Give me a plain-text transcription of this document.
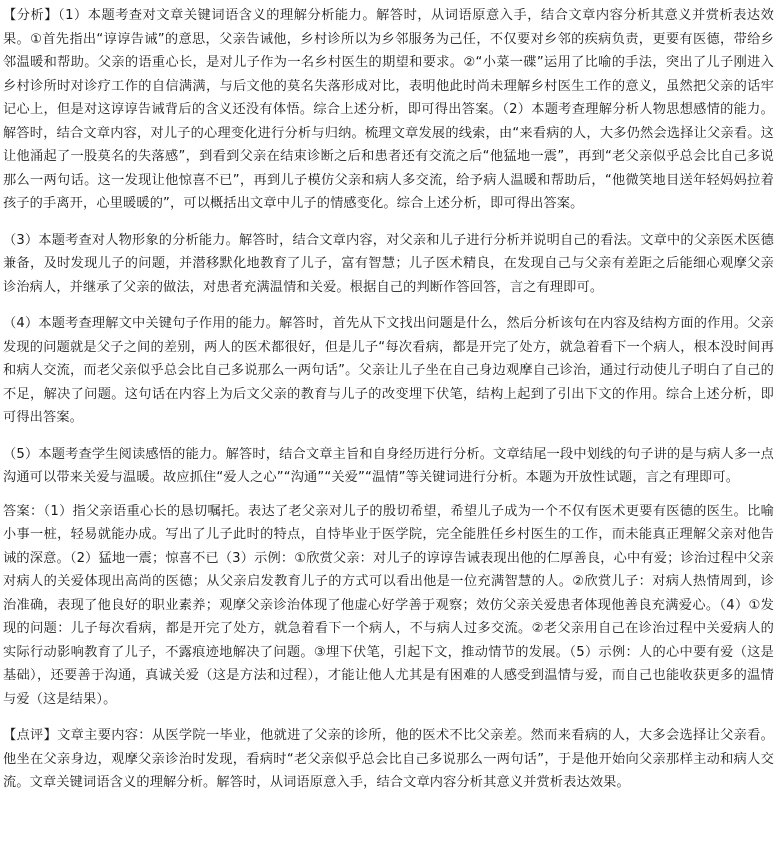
【分析】（1）本题考查对文章关键词语含义的理解分析能力。解答时，从词语原意入手，结合文章内容分析其意义并赏析表达效果。①首先指出“谆谆告诫”的意思，父亲告诫他，乡村诊所以为乡邻服务为己任，不仅要对乡邻的疾病负责，更要有医德，带给乡邻温暖和帮助。父亲的语重心长，是对儿子作为一名乡村医生的期望和要求。②“小菜一碟”运用了比喻的手法，突出了儿子刚进入乡村诊所时对诊疗工作的自信满满，与后文他的莫名失落形成对比，表明他此时尚未理解乡村医生工作的意义，虽然把父亲的话牢记心上，但是对这谆谆告诫背后的含义还没有体悟。综合上述分析，即可得出答案。（2）本题考查理解分析人物思想感情的能力。解答时，结合文章内容，对儿子的心理变化进行分析与归纳。梳理文章发展的线索，由“来看病的人，大多仍然会选择让父亲看。这让他涌起了一股莫名的失落感”，到看到父亲在结束诊断之后和患者还有交流之后“他猛地一震”，再到“老父亲似乎总会比自己多说那么一两句话。这一发现让他惊喜不已”，再到儿子模仿父亲和病人多交流，给予病人温暖和帮助后，“他微笑地目送年轻妈妈拉着孩子的手离开，心里暖暖的”，可以概括出文章中儿子的情感变化。综合上述分析，即可得出答案。

（3）本题考查对人物形象的分析能力。解答时，结合文章内容，对父亲和儿子进行分析并说明自己的看法。文章中的父亲医术医德兼备，及时发现儿子的问题，并潜移默化地教育了儿子，富有智慧；儿子医术精良，在发现自己与父亲有差距之后能细心观摩父亲诊治病人，并继承了父亲的做法，对患者充满温情和关爱。根据自己的判断作答回答，言之有理即可。

（4）本题考查理解文中关键句子作用的能力。解答时，首先从下文找出问题是什么，然后分析该句在内容及结构方面的作用。父亲发现的问题就是父子之间的差别，两人的医术都很好，但是儿子“每次看病，都是开完了处方，就急着看下一个病人，根本没时间再和病人交流，而老父亲似乎总会比自己多说那么一两句话”。父亲让儿子坐在自己身边观摩自己诊治，通过行动使儿子明白了自己的不足，解决了问题。这句话在内容上为后文父亲的教育与儿子的改变埋下伏笔，结构上起到了引出下文的作用。综合上述分析，即可得出答案。

（5）本题考查学生阅读感悟的能力。解答时，结合文章主旨和自身经历进行分析。文章结尾一段中划线的句子讲的是与病人多一点沟通可以带来关爱与温暖。故应抓住“爱人之心”“沟通”“关爱”“温情”等关键词进行分析。本题为开放性试题，言之有理即可。

答案：（1）指父亲语重心长的恳切嘱托。表达了老父亲对儿子的殷切希望，希望儿子成为一个不仅有医术更要有医德的医生。比喻小事一桩，轻易就能办成。写出了儿子此时的特点，自恃毕业于医学院，完全能胜任乡村医生的工作，而未能真正理解父亲对他告诫的深意。（2）猛地一震；惊喜不已（3）示例：①欣赏父亲：对儿子的谆谆告诫表现出他的仁厚善良，心中有爱；诊治过程中父亲对病人的关爱体现出高尚的医德；从父亲启发教育儿子的方式可以看出他是一位充满智慧的人。②欣赏儿子：对病人热情周到，诊治准确，表现了他良好的职业素养；观摩父亲诊治体现了他虚心好学善于观察；效仿父亲关爱患者体现他善良充满爱心。（4）①发现的问题：儿子每次看病，都是开完了处方，就急着看下一个病人，不与病人过多交流。②老父亲用自己在诊治过程中关爱病人的实际行动影响教育了儿子，不露痕迹地解决了问题。③埋下伏笔，引起下文，推动情节的发展。（5）示例：人的心中要有爱（这是基础），还要善于沟通，真诚关爱（这是方法和过程），才能让他人尤其是有困难的人感受到温情与爱，而自己也能收获更多的温情与爱（这是结果）。

【点评】文章主要内容：从医学院一毕业，他就进了父亲的诊所，他的医术不比父亲差。然而来看病的人，大多会选择让父亲看。他坐在父亲身边，观摩父亲诊治时发现，看病时“老父亲似乎总会比自己多说那么一两句话”，于是他开始向父亲那样主动和病人交流。文章关键词语含义的理解分析。解答时，从词语原意入手，结合文章内容分析其意义并赏析表达效果。
